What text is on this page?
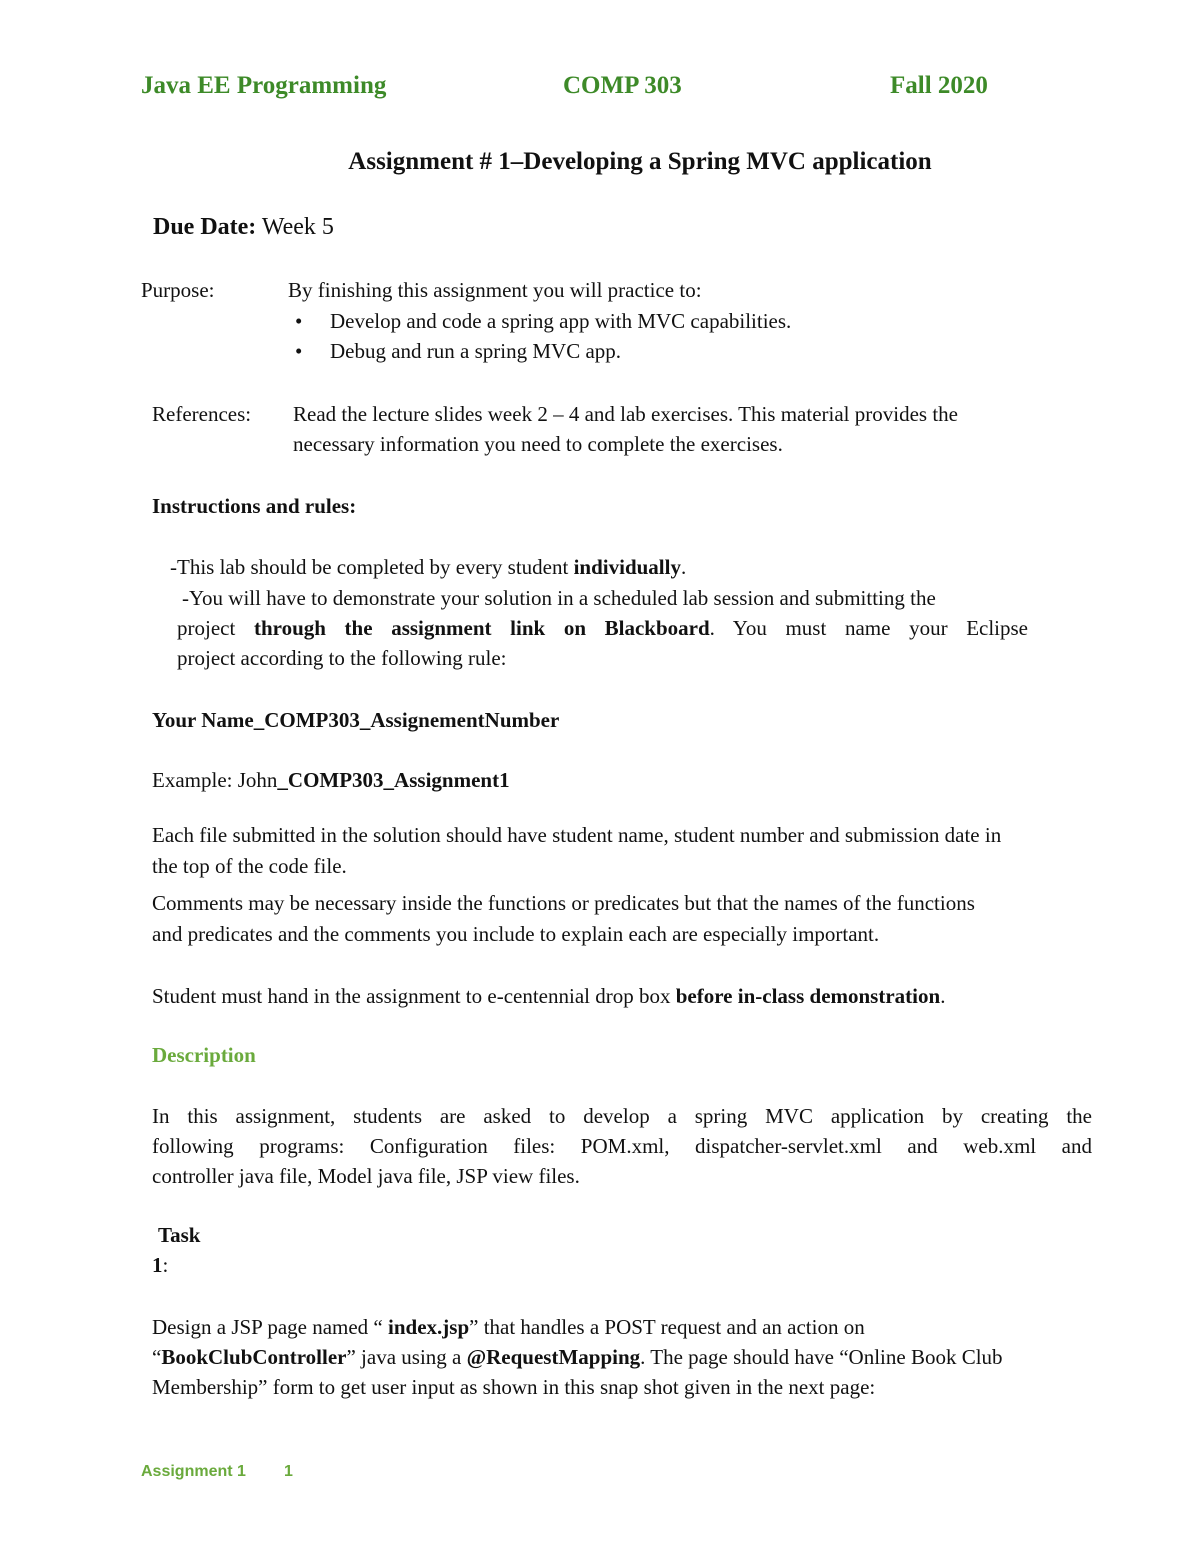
Java EE Programming	COMP 303	Fall 2020
Assignment # 1–Developing a Spring MVC application
Due Date: Week 5
Purpose:	By finishing this assignment you will practice to:
• Develop and code a spring app with MVC capabilities.
• Debug and run a spring MVC app.
References: Read the lecture slides week 2 – 4 and lab exercises. This material provides the
necessary information you need to complete the exercises.
Instructions and rules:
-This lab should be completed by every student individually.
-You will have to demonstrate your solution in a scheduled lab session and submitting the
project through the assignment link on Blackboard. You must name your Eclipse
project according to the following rule:
Your Name_COMP303_AssignementNumber
Example: John_COMP303_Assignment1
Each file submitted in the solution should have student name, student number and submission date in
the top of the code file.
Comments may be necessary inside the functions or predicates but that the names of the functions
and predicates and the comments you include to explain each are especially important.
Student must hand in the assignment to e-centennial drop box before in-class demonstration.
Description
In this assignment, students are asked to develop a spring MVC application by creating the
following programs: Configuration files: POM.xml, dispatcher-servlet.xml and web.xml and
controller java file, Model java file, JSP view files.
Task
1:
Design a JSP page named “ index.jsp” that handles a POST request and an action on
“BookClubController” java using a @RequestMapping. The page should have “Online Book Club
Membership” form to get user input as shown in this snap shot given in the next page:
Assignment 1 1
